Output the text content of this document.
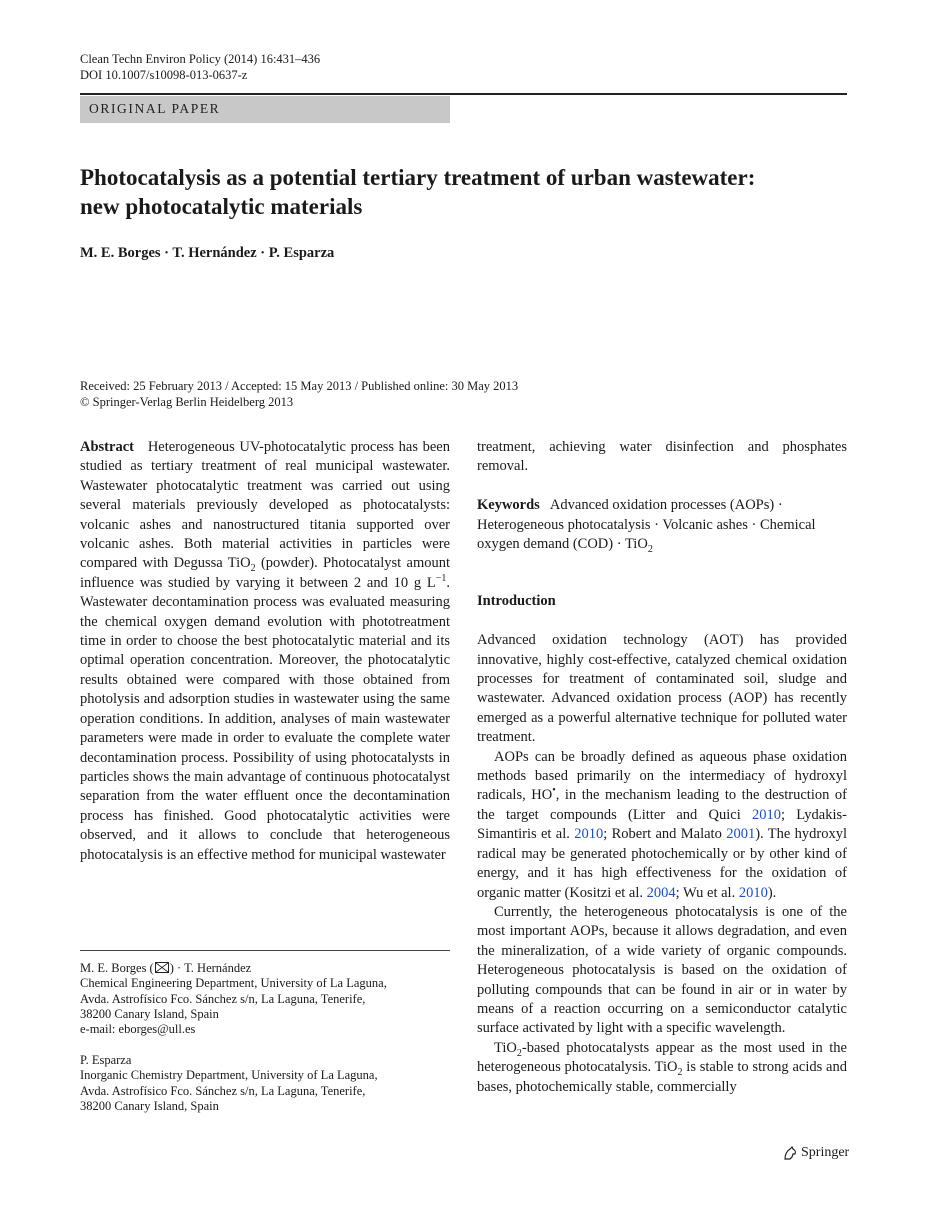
Clean Techn Environ Policy (2014) 16:431–436
DOI 10.1007/s10098-013-0637-z
ORIGINAL PAPER
Photocatalysis as a potential tertiary treatment of urban wastewater: new photocatalytic materials
M. E. Borges · T. Hernández · P. Esparza
Received: 25 February 2013 / Accepted: 15 May 2013 / Published online: 30 May 2013
© Springer-Verlag Berlin Heidelberg 2013

Abstract Heterogeneous UV-photocatalytic process has been studied as tertiary treatment of real municipal wastewater. Wastewater photocatalytic treatment was carried out using several materials previously developed as photocatalysts: volcanic ashes and nanostructured titania supported over volcanic ashes. Both material activities in particles were compared with Degussa TiO$_2$ (powder). Photocatalyst amount influence was studied by varying it between 2 and 10 g $L^{-1}$. Wastewater decontamination process was evaluated measuring the chemical oxygen demand evolution with phototreatment time in order to choose the best photocatalytic material and its optimal operation concentration. Moreover, the photocatalytic results obtained were compared with those obtained from photolysis and adsorption studies in wastewater using the same operation conditions. In addition, analyses of main wastewater parameters were made in order to evaluate the complete water decontamination process. Possibility of using photocatalysts in particles shows the main advantage of continuous photocatalyst separation from the water effluent once the decontamination process has finished. Good photocatalytic activities were observed, and it allows to conclude that heterogeneous photocatalysis is an effective method for municipal wastewater

treatment, achieving water disinfection and phosphates removal.

Keywords Advanced oxidation processes (AOPs) · Heterogeneous photocatalysis · Volcanic ashes · Chemical oxygen demand (COD) · TiO$_2$

Introduction

Advanced oxidation technology (AOT) has provided innovative, highly cost-effective, catalyzed chemical oxidation processes for treatment of contaminated soil, sludge and wastewater. Advanced oxidation process (AOP) has recently emerged as a powerful alternative technique for polluted water treatment.

AOPs can be broadly defined as aqueous phase oxidation methods based primarily on the intermediacy of hydroxyl radicals, HO•, in the mechanism leading to the destruction of the target compounds (Litter and Quici 2010; Lydakis-Simantiris et al. 2010; Robert and Malato 2001). The hydroxyl radical may be generated photochemically or by other kind of energy, and it has high effectiveness for the oxidation of organic matter (Kositzi et al. 2004; Wu et al. 2010).

Currently, the heterogeneous photocatalysis is one of the most important AOPs, because it allows degradation, and even the mineralization, of a wide variety of organic compounds. Heterogeneous photocatalysis is based on the oxidation of polluting compounds that can be found in air or in water by means of a reaction occurring on a semiconductor catalytic surface activated by light with a specific wavelength.

TiO$_2$-based photocatalysts appear as the most used in the heterogeneous photocatalysis. TiO$_2$ is stable to strong acids and bases, photochemically stable, commercially

M. E. Borges ( ) · T. Hernández
Chemical Engineering Department, University of La Laguna,
Avda. Astrofísico Fco. Sánchez s/n, La Laguna, Tenerife,
38200 Canary Island, Spain
e-mail: eborges@ull.es
P. Esparza
Inorganic Chemistry Department, University of La Laguna,
Avda. Astrofísico Fco. Sánchez s/n, La Laguna, Tenerife,
38200 Canary Island, Spain
Springer
